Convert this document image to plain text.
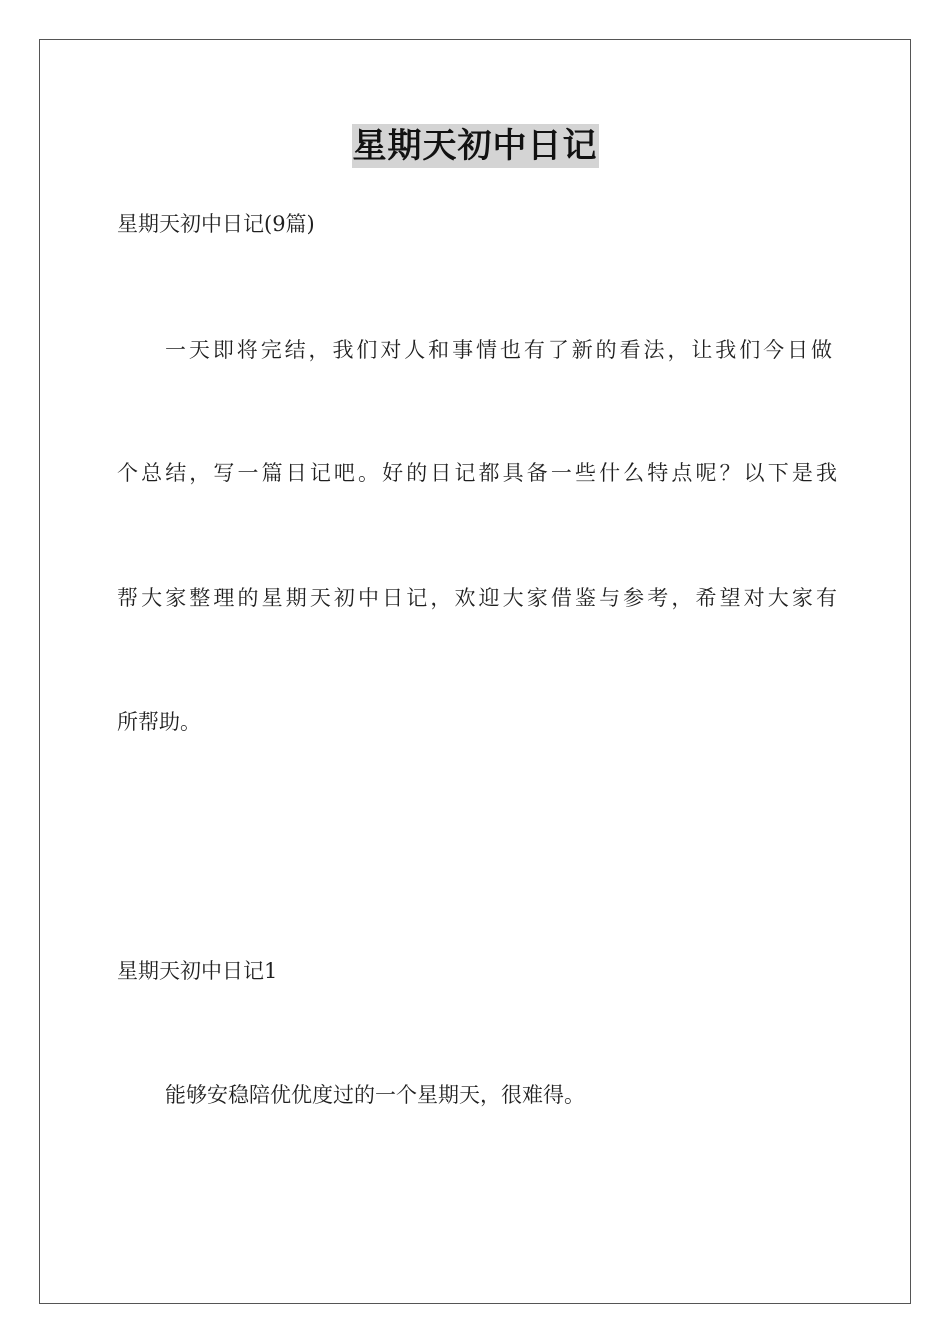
星期天初中日记
星期天初中日记(9篇)
一天即将完结，我们对人和事情也有了新的看法，让我们今日做
个总结，写一篇日记吧。好的日记都具备一些什么特点呢？以下是我
帮大家整理的星期天初中日记，欢迎大家借鉴与参考，希望对大家有
所帮助。
星期天初中日记1
能够安稳陪优优度过的一个星期天，很难得。
